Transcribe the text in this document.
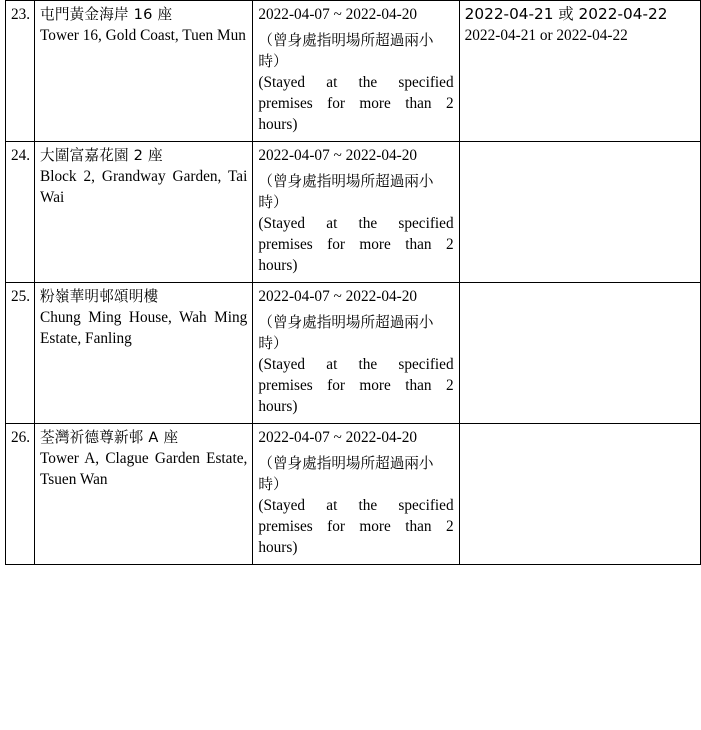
23.	屯門黃金海岸 16 座
Tower 16, Gold Coast, Tuen Mun

2022-04-07 ~ 2022-04-20
（曾身處指明場所超過兩小時）
(Stayed at the specified premises for more than 2 hours)

2022-04-21 或 2022-04-22
2022-04-21 or 2022-04-22

24.	大圍富嘉花園 2 座
Block 2, Grandway Garden, Tai Wai

2022-04-07 ~ 2022-04-20
（曾身處指明場所超過兩小時）
(Stayed at the specified premises for more than 2 hours)

25.	粉嶺華明邨頌明樓
Chung Ming House, Wah Ming Estate, Fanling

2022-04-07 ~ 2022-04-20
（曾身處指明場所超過兩小時）
(Stayed at the specified premises for more than 2 hours)

26.	荃灣祈德尊新邨 A 座
Tower A, Clague Garden Estate, Tsuen Wan

2022-04-07 ~ 2022-04-20
（曾身處指明場所超過兩小時）
(Stayed at the specified premises for more than 2 hours)
